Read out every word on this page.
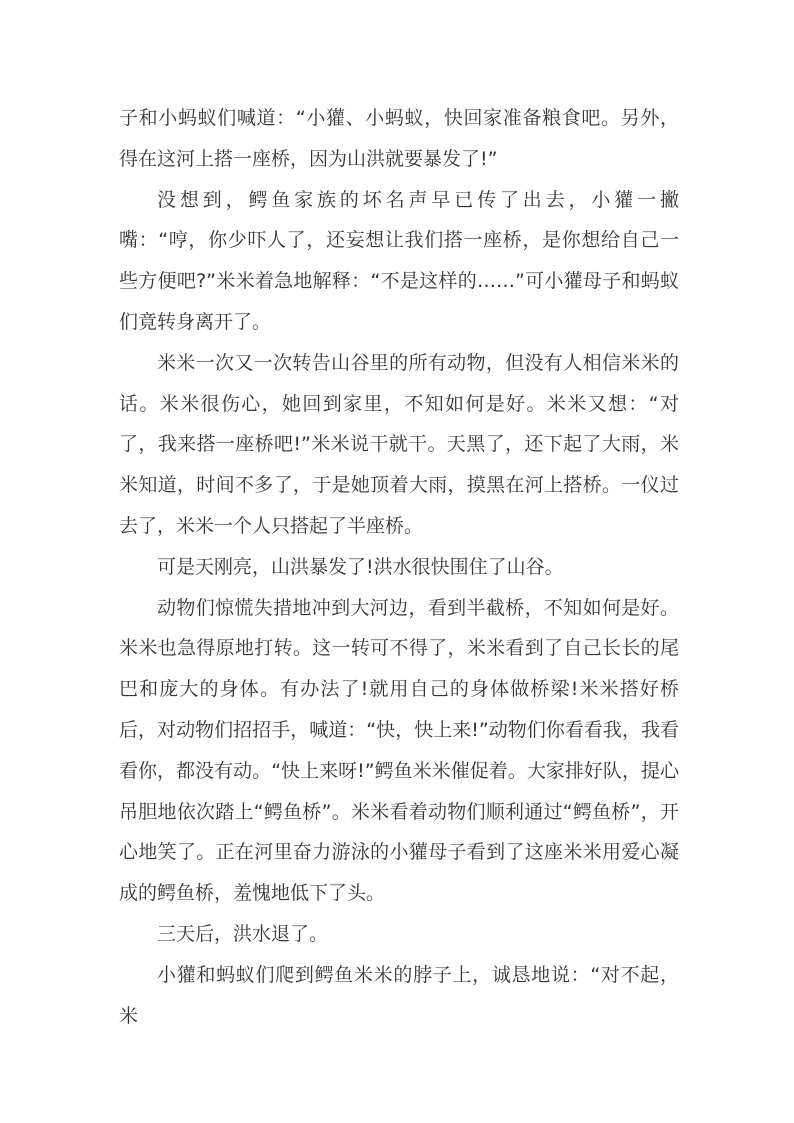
子和小蚂蚁们喊道：“小獾、小蚂蚁，快回家准备粮食吧。另外，得在这河上搭一座桥，因为山洪就要暴发了!”

没想到，鳄鱼家族的坏名声早已传了出去，小獾一撇嘴：“哼，你少吓人了，还妄想让我们搭一座桥，是你想给自己一些方便吧?”米米着急地解释：“不是这样的……”可小獾母子和蚂蚁们竟转身离开了。

米米一次又一次转告山谷里的所有动物，但没有人相信米米的话。米米很伤心，她回到家里，不知如何是好。米米又想：“对了，我来搭一座桥吧!”米米说干就干。天黑了，还下起了大雨，米米知道，时间不多了，于是她顶着大雨，摸黑在河上搭桥。一仪过去了，米米一个人只搭起了半座桥。

可是天刚亮，山洪暴发了!洪水很快围住了山谷。

动物们惊慌失措地冲到大河边，看到半截桥，不知如何是好。米米也急得原地打转。这一转可不得了，米米看到了自己长长的尾巴和庞大的身体。有办法了!就用自己的身体做桥梁!米米搭好桥后，对动物们招招手，喊道：“快，快上来!”动物们你看看我，我看看你，都没有动。“快上来呀!”鳄鱼米米催促着。大家排好队，提心吊胆地依次踏上“鳄鱼桥”。米米看着动物们顺利通过“鳄鱼桥”，开心地笑了。正在河里奋力游泳的小獾母子看到了这座米米用爱心凝成的鳄鱼桥，羞愧地低下了头。

三天后，洪水退了。

小獾和蚂蚁们爬到鳄鱼米米的脖子上，诚恳地说：“对不起，米
